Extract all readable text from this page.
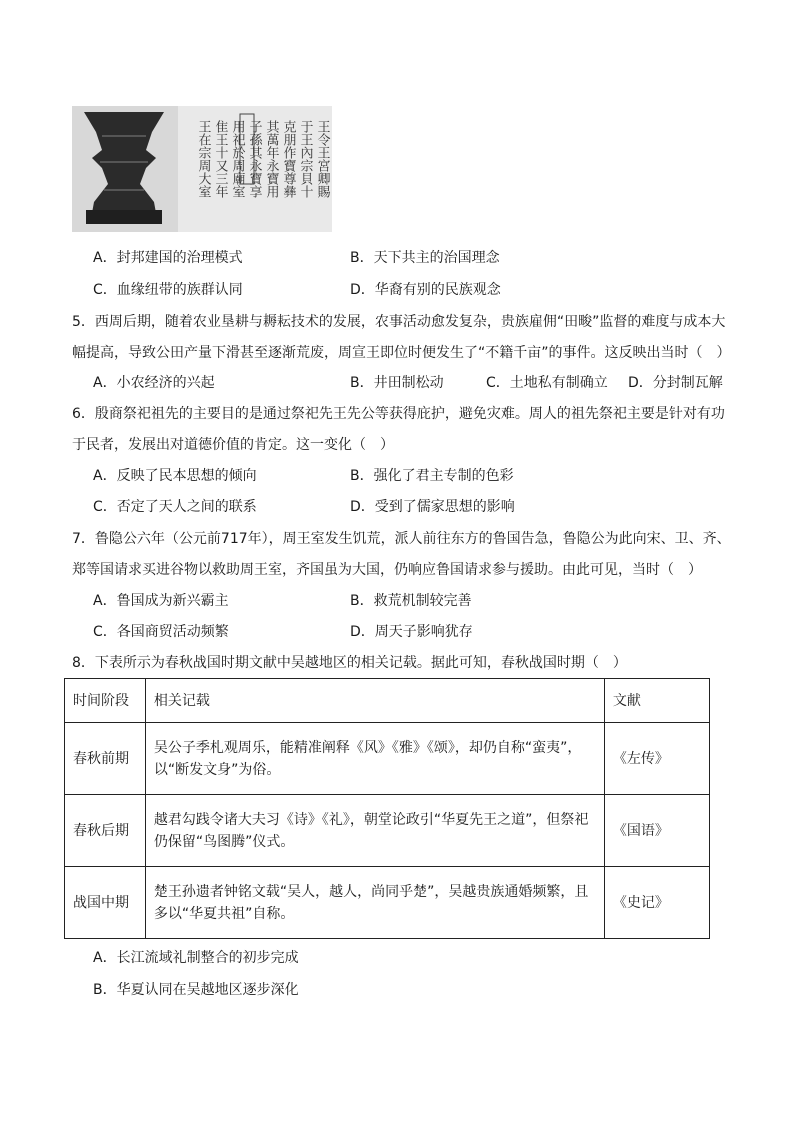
王令王宮卿賜
于王內宗貝十
克朋作寶尊彝
其萬年永寶用
子孫其永寶享
用祀於周廟室
隹王十又三年
王在宗周大室
A．封邦建国的治理模式	B．天下共主的治国理念
C．血缘纽带的族群认同	D．华裔有别的民族观念
5．西周后期，随着农业垦耕与耨耘技术的发展，农事活动愈发复杂，贵族雇佣“田畯”监督的难度与成本大
幅提高，导致公田产量下滑甚至逐渐荒废，周宣王即位时便发生了“不籍千亩”的事件。这反映出当时（　）
A．小农经济的兴起	B．井田制松动	C．土地私有制确立 D．分封制瓦解
6．殷商祭祀祖先的主要目的是通过祭祀先王先公等获得庇护，避免灾难。周人的祖先祭祀主要是针对有功
于民者，发展出对道德价值的肯定。这一变化（　）
A．反映了民本思想的倾向	B．强化了君主专制的色彩
C．否定了天人之间的联系	D．受到了儒家思想的影响
7．鲁隐公六年（公元前717年），周王室发生饥荒，派人前往东方的鲁国告急，鲁隐公为此向宋、卫、齐、
郑等国请求买进谷物以救助周王室，齐国虽为大国，仍响应鲁国请求参与援助。由此可见，当时（　）
A．鲁国成为新兴霸主	B．救荒机制较完善
C．各国商贸活动频繁	D．周天子影响犹存
8．下表所示为春秋战国时期文献中吴越地区的相关记载。据此可知，春秋战国时期（　）
时间阶段	相关记载	文献
春秋前期	吴公子季札观周乐，能精准阐释《风》《雅》《颂》，却仍自称“蛮夷”，以“断发文身”为俗。	《左传》
春秋后期	越君勾践令诸大夫习《诗》《礼》，朝堂论政引“华夏先王之道”，但祭祀仍保留“鸟图腾”仪式。	《国语》
战国中期	楚王孙遗者钟铭文载“吴人，越人，尚同乎楚”，吴越贵族通婚频繁，且多以“华夏共祖”自称。	《史记》
A．长江流域礼制整合的初步完成
B．华夏认同在吴越地区逐步深化
